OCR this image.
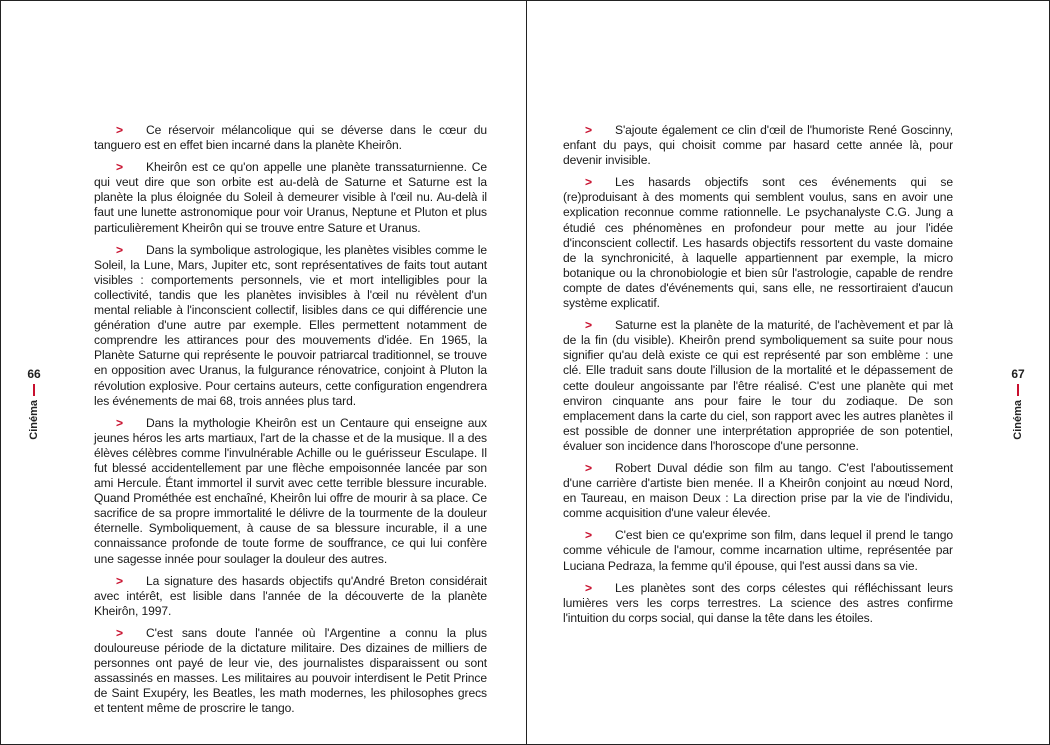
> Ce réservoir mélancolique qui se déverse dans le cœur du tanguero est en effet bien incarné dans la planète Kheirôn.

> Kheirôn est ce qu'on appelle une planète transsaturnienne. Ce qui veut dire que son orbite est au-delà de Saturne et Saturne est la planète la plus éloignée du Soleil à demeurer visible à l'œil nu. Au-delà il faut une lunette astronomique pour voir Uranus, Neptune et Pluton et plus particulièrement Kheirôn qui se trouve entre Sature et Uranus.

> Dans la symbolique astrologique, les planètes visibles comme le Soleil, la Lune, Mars, Jupiter etc, sont représentatives de faits tout autant visibles : comportements personnels, vie et mort intelligibles pour la collectivité, tandis que les planètes invisibles à l'œil nu révèlent d'un mental reliable à l'inconscient collectif, lisibles dans ce qui différencie une génération d'une autre par exemple. Elles permettent notamment de comprendre les attirances pour des mouvements d'idée. En 1965, la Planète Saturne qui représente le pouvoir patriarcal traditionnel, se trouve en opposition avec Uranus, la fulgurance rénovatrice, conjoint à Pluton la révolution explosive. Pour certains auteurs, cette configuration engendrera les événements de mai 68, trois années plus tard.

> Dans la mythologie Kheirôn est un Centaure qui enseigne aux jeunes héros les arts martiaux, l'art de la chasse et de la musique. Il a des élèves célèbres comme l'invulnérable Achille ou le guérisseur Esculape. Il fut blessé accidentellement par une flèche empoisonnée lancée par son ami Hercule. Étant immortel il survit avec cette terrible blessure incurable. Quand Prométhée est enchaîné, Kheirôn lui offre de mourir à sa place. Ce sacrifice de sa propre immortalité le délivre de la tourmente de la douleur éternelle. Symboliquement, à cause de sa blessure incurable, il a une connaissance profonde de toute forme de souffrance, ce qui lui confère une sagesse innée pour soulager la douleur des autres.

> La signature des hasards objectifs qu'André Breton considérait avec intérêt, est lisible dans l'année de la découverte de la planète Kheirôn, 1997.

> C'est sans doute l'année où l'Argentine a connu la plus douloureuse période de la dictature militaire. Des dizaines de milliers de personnes ont payé de leur vie, des journalistes disparaissent ou sont assassinés en masses. Les militaires au pouvoir interdisent le Petit Prince de Saint Exupéry, les Beatles, les math modernes, les philosophes grecs et tentent même de proscrire le tango.

66
Cinéma

> S'ajoute également ce clin d'œil de l'humoriste René Goscinny, enfant du pays, qui choisit comme par hasard cette année là, pour devenir invisible.

> Les hasards objectifs sont ces événements qui se (re)produisant à des moments qui semblent voulus, sans en avoir une explication reconnue comme rationnelle. Le psychanalyste C.G. Jung a étudié ces phénomènes en profondeur pour mette au jour l'idée d'inconscient collectif. Les hasards objectifs ressortent du vaste domaine de la synchronicité, à laquelle appartiennent par exemple, la micro botanique ou la chronobiologie et bien sûr l'astrologie, capable de rendre compte de dates d'événements qui, sans elle, ne ressortiraient d'aucun système explicatif.

> Saturne est la planète de la maturité, de l'achèvement et par là de la fin (du visible). Kheirôn prend symboliquement sa suite pour nous signifier qu'au delà existe ce qui est représenté par son emblème : une clé. Elle traduit sans doute l'illusion de la mortalité et le dépassement de cette douleur angoissante par l'être réalisé. C'est une planète qui met environ cinquante ans pour faire le tour du zodiaque. De son emplacement dans la carte du ciel, son rapport avec les autres planètes il est possible de donner une interprétation appropriée de son potentiel, évaluer son incidence dans l'horoscope d'une personne.

> Robert Duval dédie son film au tango. C'est l'aboutissement d'une carrière d'artiste bien menée. Il a Kheirôn conjoint au nœud Nord, en Taureau, en maison Deux : La direction prise par la vie de l'individu, comme acquisition d'une valeur élevée.

> C'est bien ce qu'exprime son film, dans lequel il prend le tango comme véhicule de l'amour, comme incarnation ultime, représentée par Luciana Pedraza, la femme qu'il épouse, qui l'est aussi dans sa vie.

> Les planètes sont des corps célestes qui réfléchissant leurs lumières vers les corps terrestres. La science des astres confirme l'intuition du corps social, qui danse la tête dans les étoiles.

67
Cinéma
